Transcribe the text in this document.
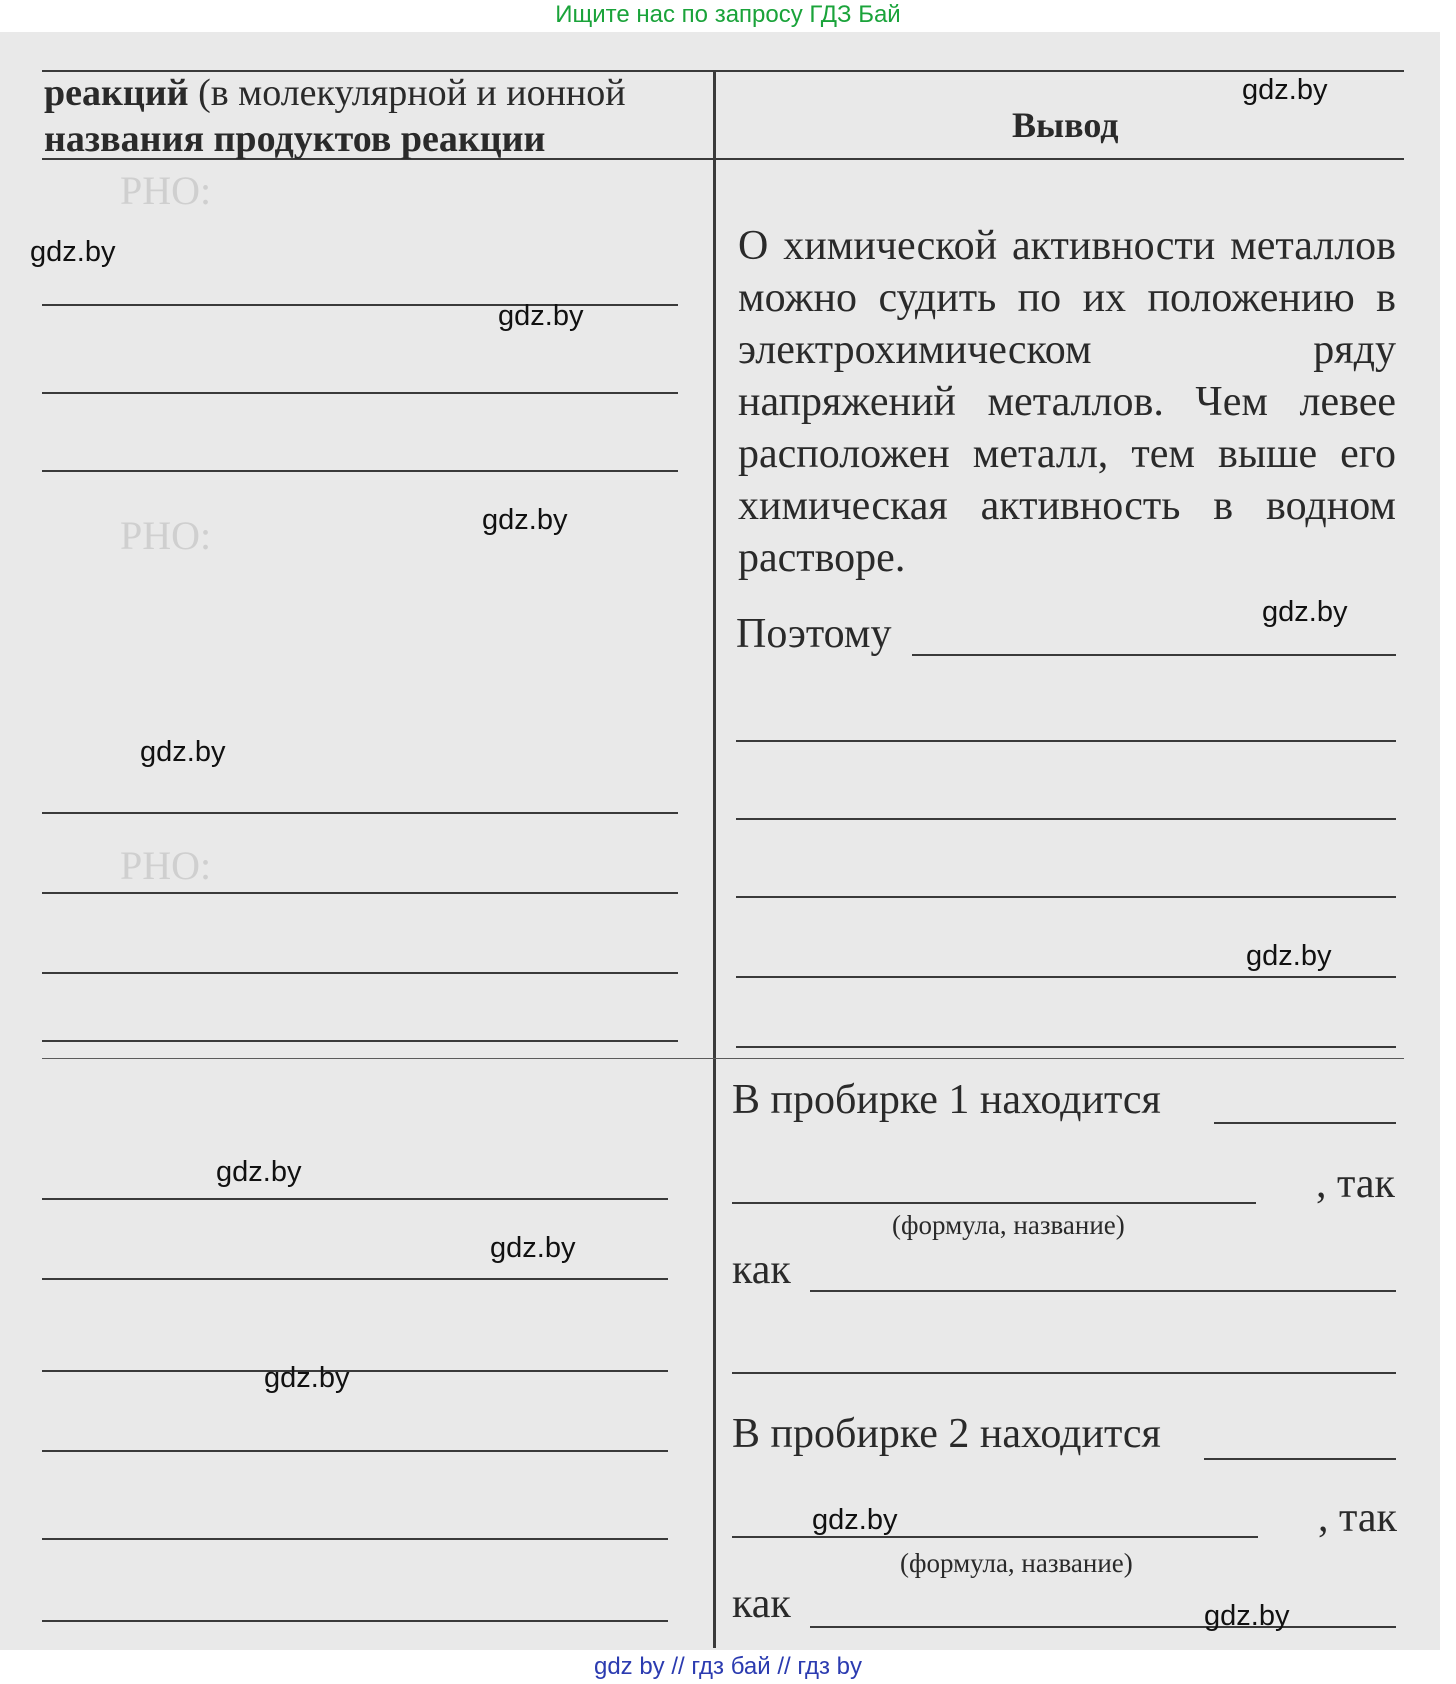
Ищите нас по запросу ГДЗ Бай
РНО:
РНО:
РНО:
реакций (в молекулярной и ионной
названия продуктов реакции	Вывод
О химической активности металлов можно судить по их положению в электрохимическом ряду напряжений металлов. Чем левее расположен металл, тем выше его химическая активность в водном растворе.
Поэтому
В пробирке 1 находится
, так
(формула, название)
как
В пробирке 2 находится
, так
(формула, название)
как
gdz.by
gdz.by
gdz.by
gdz.by
gdz.by
gdz.by
gdz.by
gdz.by
gdz.by
gdz.by
gdz.by
gdz.by
gdz by // гдз бай // гдз by
